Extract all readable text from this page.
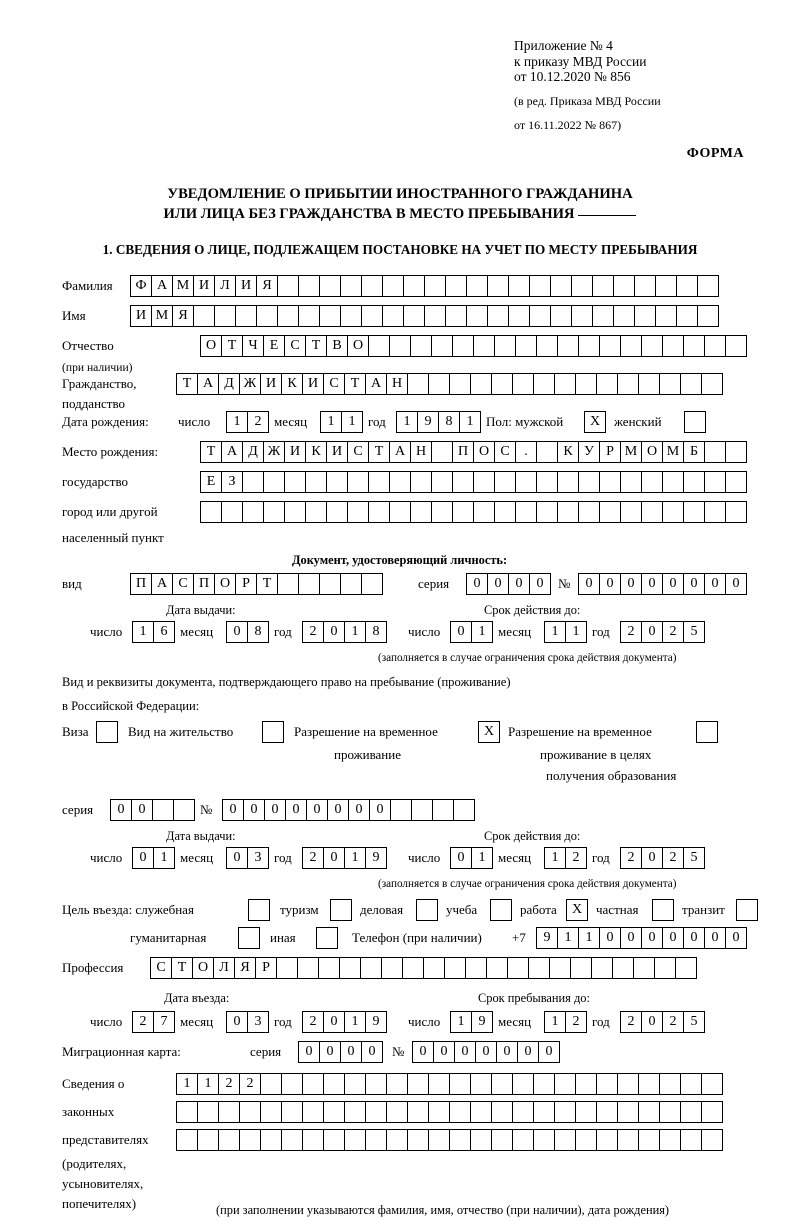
Приложение № 4
к приказу МВД России
от 10.12.2020 № 856
(в ред. Приказа МВД России
от 16.11.2022 № 867)
ФОРМА
УВЕДОМЛЕНИЕ О ПРИБЫТИИ ИНОСТРАННОГО ГРАЖДАНИНА
ИЛИ ЛИЦА БЕЗ ГРАЖДАНСТВА В МЕСТО ПРЕБЫВАНИЯ
1. СВЕДЕНИЯ О ЛИЦЕ, ПОДЛЕЖАЩЕМ ПОСТАНОВКЕ НА УЧЕТ ПО МЕСТУ ПРЕБЫВАНИЯ
Фамилия	Ф А М И Л И Я
Имя	И М Я
Отчество
(при наличии)
О Т Ч Е С Т В О
Гражданство,
подданство
Т А Д Ж И К И С Т А Н
Дата рождения: число	1	2 месяц	1	1 год	1	9	8	1 Пол: мужской	X	женский
Место рождения:	Т А Д Ж И К И С Т А Н
	П О С	.
	К У Р М О М Б
государство	Е З
город или другой
населенный пункт
Документ, удостоверяющий личность:
вид	П А С П О Р Т	серия	0	0	0	0	№	0	0	0	0	0	0	0	0
Дата выдачи:	Срок действия до:
число	1	6 месяц	0	8 год	2	0	1	8	число	0	1 месяц	1	1 год	2	0	2	5
(заполняется в случае ограничения срока действия документа)
Вид и реквизиты документа, подтверждающего право на пребывание (проживание)
в Российской Федерации:
Виза	Вид на жительство	Разрешение на временное	X	Разрешение на временное
проживание	проживание в целях
получения образования
серия	0	0	№	0	0	0	0	0	0	0	0
Дата выдачи:	Срок действия до:
число	0	1 месяц	0	3 год	2	0	1	9	число	0	1 месяц	1	2 год	2	0	2	5
(заполняется в случае ограничения срока действия документа)
Цель въезда: служебная	туризм	деловая	учеба	работа	X	частная	транзит
гуманитарная	иная	Телефон (при наличии) +7	9	1	1	0	0	0	0	0	0	0
Профессия	С Т О Л Я Р
Дата въезда:	Срок пребывания до:
число	2	7 месяц	0	3 год	2	0	1	9	число	1	9 месяц	1	2 год	2	0	2	5
Миграционная карта:	серия	0	0	0	0	№	0	0	0	0	0	0	0
Сведения о	1	1	2	2
законных
представителях
(родителях,
усыновителях,
попечителях)	(при заполнении указываются фамилия, имя, отчество (при наличии), дата рождения)
